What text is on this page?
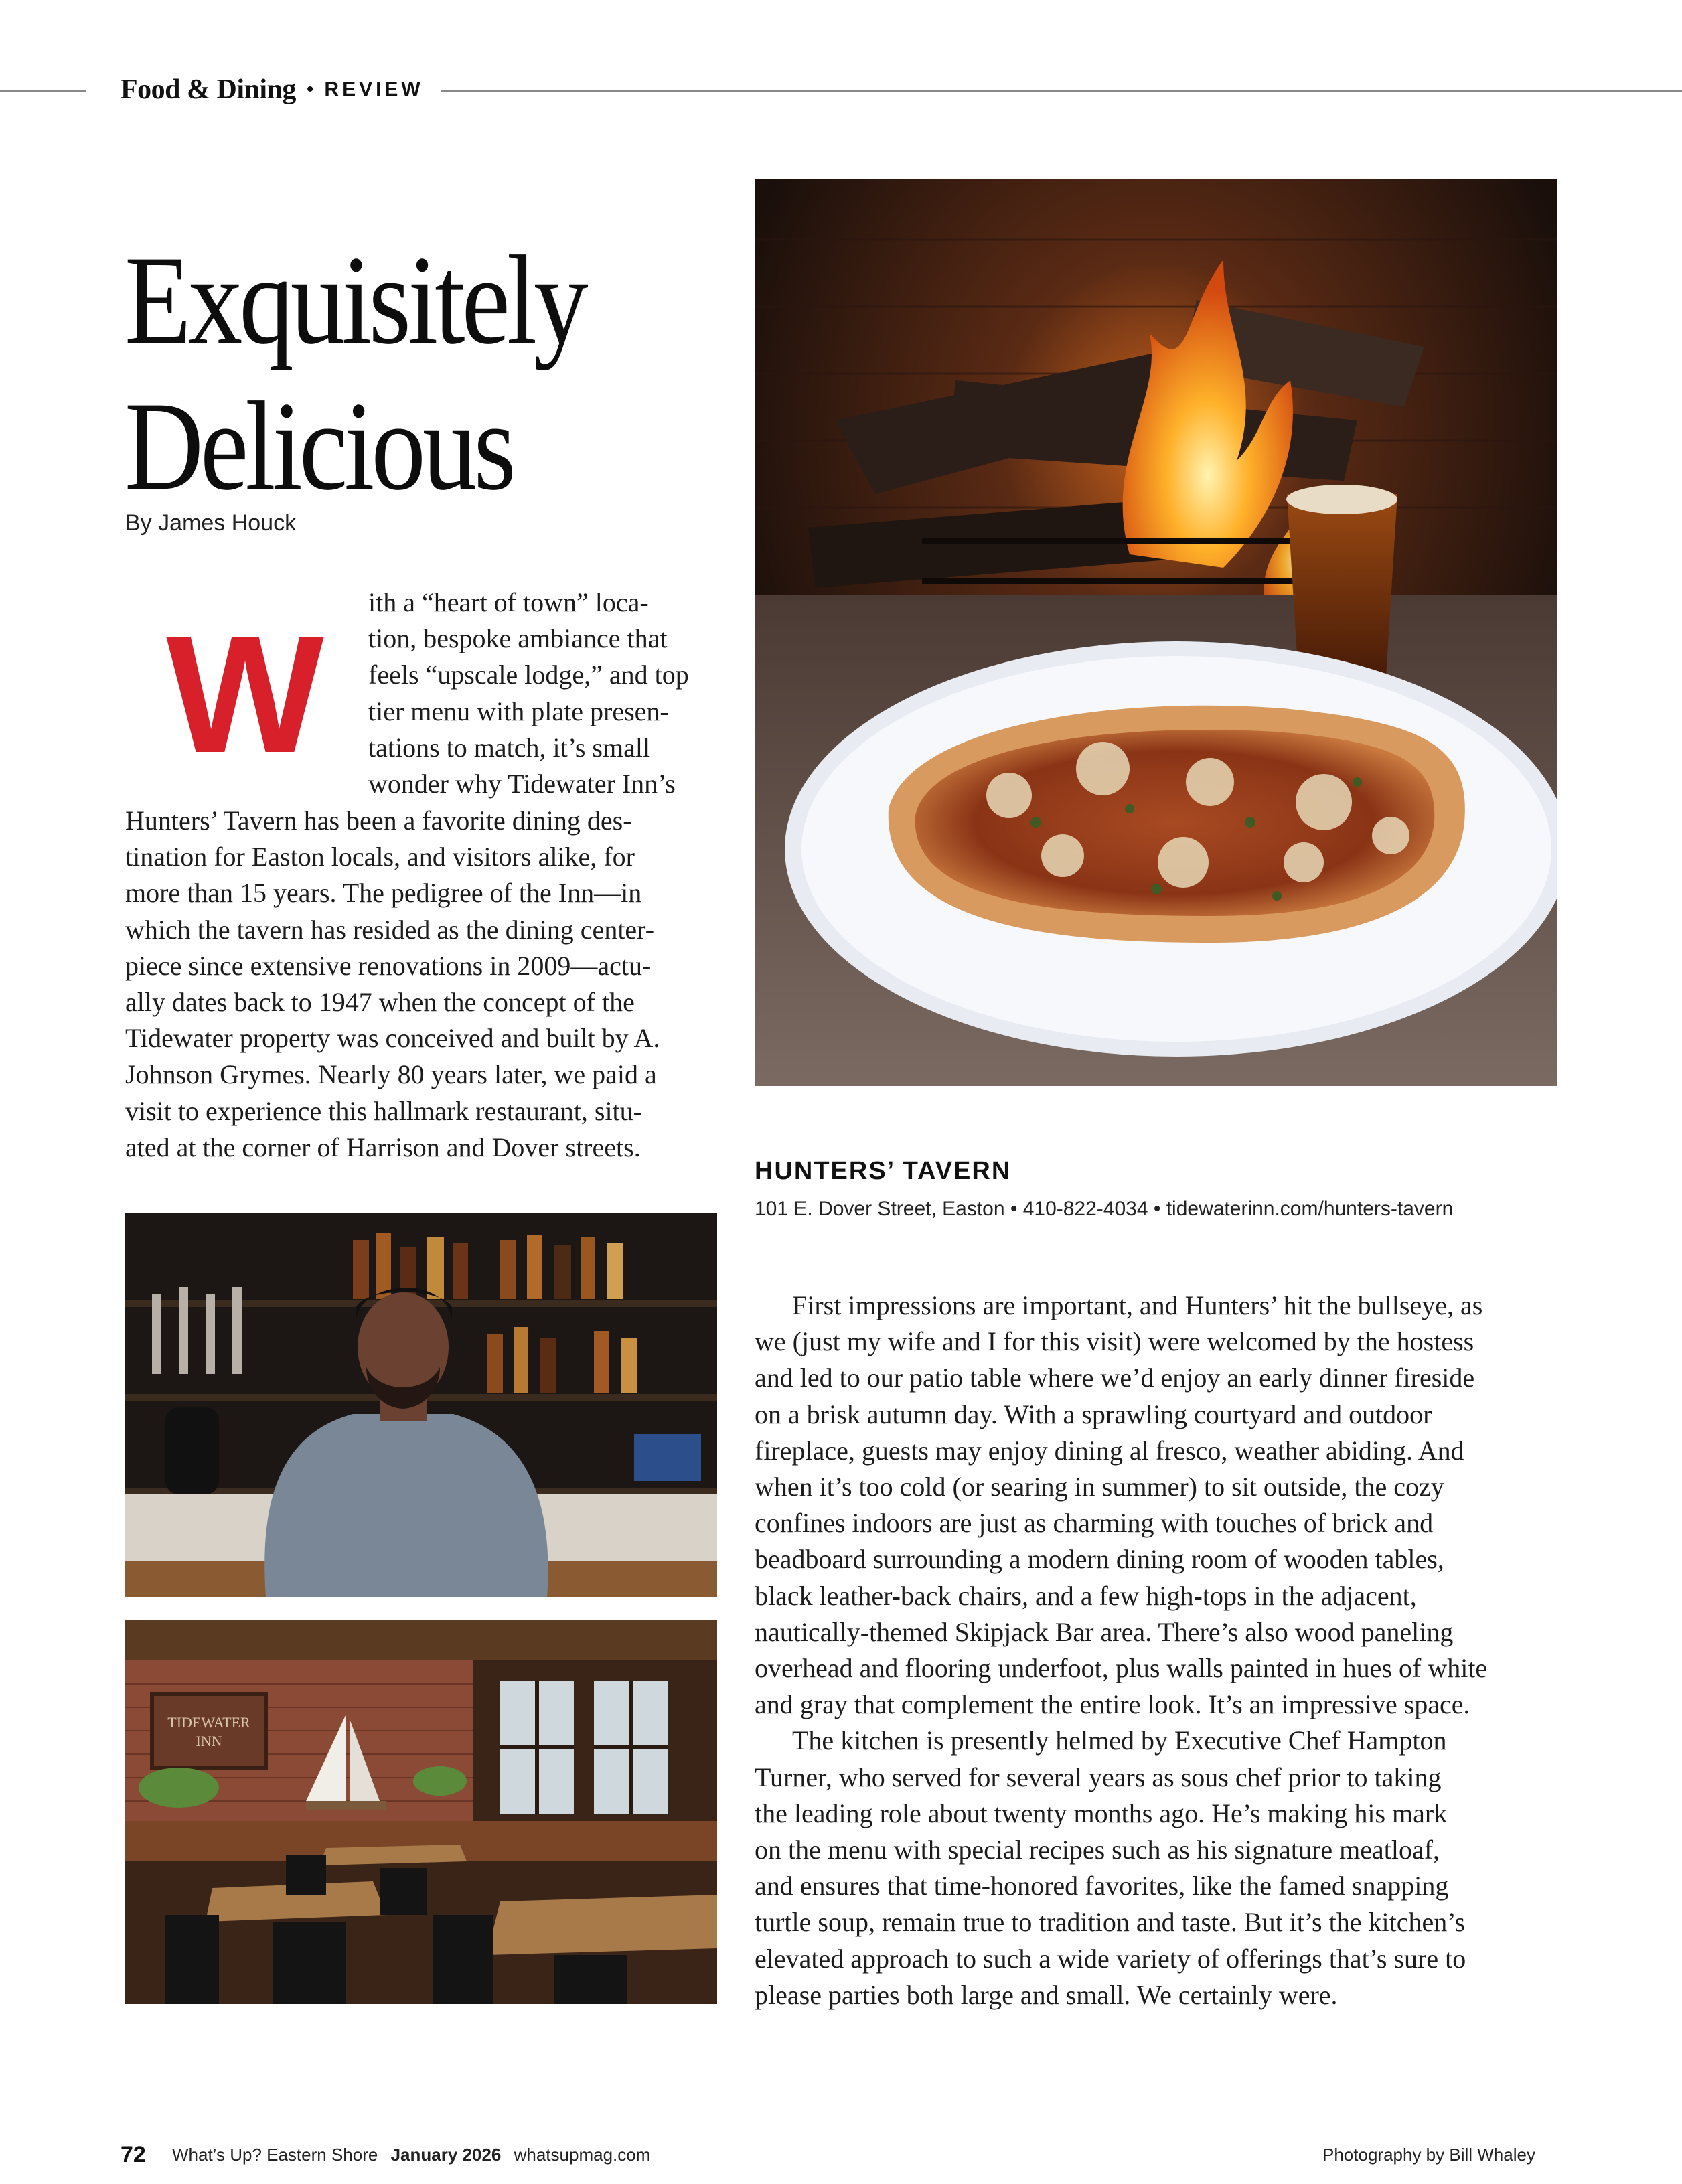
Food & Dining • REVIEW
Exquisitely
Delicious
By James Houck
W ith a “heart of town” loca-
tion, bespoke ambiance that
feels “upscale lodge,” and top
tier menu with plate presen-
tations to match, it’s small
wonder why Tidewater Inn’s
Hunters’ Tavern has been a favorite dining des-
tination for Easton locals, and visitors alike, for
more than 15 years. The pedigree of the Inn—in
which the tavern has resided as the dining center-
piece since extensive renovations in 2009—actu-
ally dates back to 1947 when the concept of the
Tidewater property was conceived and built by A.
Johnson Grymes. Nearly 80 years later, we paid a
visit to experience this hallmark restaurant, situ-
ated at the corner of Harrison and Dover streets.
HUNTERS’ TAVERN
101 E. Dover Street, Easton • 410-822-4034 • tidewaterinn.com/hunters-tavern
TIDEWATER
INN
First impressions are important, and Hunters’ hit the bullseye, as
we (just my wife and I for this visit) were welcomed by the hostess
and led to our patio table where we’d enjoy an early dinner fireside
on a brisk autumn day. With a sprawling courtyard and outdoor
fireplace, guests may enjoy dining al fresco, weather abiding. And
when it’s too cold (or searing in summer) to sit outside, the cozy
confines indoors are just as charming with touches of brick and
beadboard surrounding a modern dining room of wooden tables,
black leather-back chairs, and a few high-tops in the adjacent,
nautically-themed Skipjack Bar area. There’s also wood paneling
overhead and flooring underfoot, plus walls painted in hues of white
and gray that complement the entire look. It’s an impressive space.
The kitchen is presently helmed by Executive Chef Hampton
Turner, who served for several years as sous chef prior to taking
the leading role about twenty months ago. He’s making his mark
on the menu with special recipes such as his signature meatloaf,
and ensures that time-honored favorites, like the famed snapping
turtle soup, remain true to tradition and taste. But it’s the kitchen’s
elevated approach to such a wide variety of offerings that’s sure to
please parties both large and small. We certainly were.
72 What’s Up? Eastern Shore January 2026 whatsupmag.com	Photography by Bill Whaley
